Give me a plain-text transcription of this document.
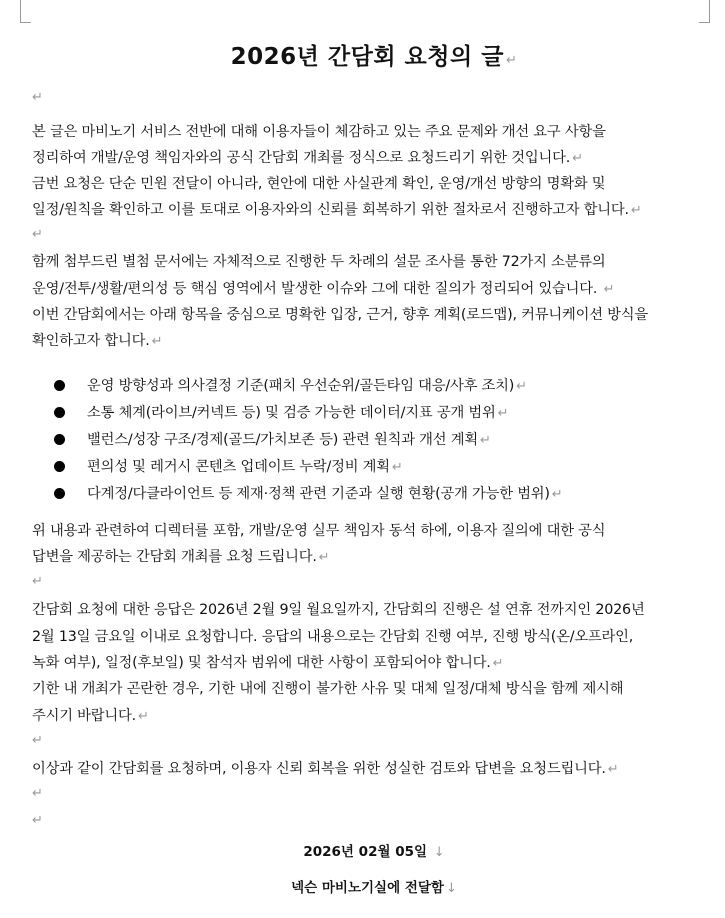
2026년 간담회 요청의 글 ↵
↵
본 글은 마비노기 서비스 전반에 대해 이용자들이 체감하고 있는 주요 문제와 개선 요구 사항을
정리하여 개발/운영 책임자와의 공식 간담회 개최를 정식으로 요청드리기 위한 것입니다. ↵
금번 요청은 단순 민원 전달이 아니라, 현안에 대한 사실관계 확인, 운영/개선 방향의 명확화 및
일정/원칙을 확인하고 이를 토대로 이용자와의 신뢰를 회복하기 위한 절차로서 진행하고자 합니다. ↵
↵
함께 첨부드린 별첨 문서에는 자체적으로 진행한 두 차례의 설문 조사를 통한 72가지 소분류의
운영/전투/생활/편의성 등 핵심 영역에서 발생한 이슈와 그에 대한 질의가 정리되어 있습니다. ↵
이번 간담회에서는 아래 항목을 중심으로 명확한 입장, 근거, 향후 계획(로드맵), 커뮤니케이션 방식을
확인하고자 합니다. ↵
운영 방향성과 의사결정 기준(패치 우선순위/골든타임 대응/사후 조치) ↵
소통 체계(라이브/커넥트 등) 및 검증 가능한 데이터/지표 공개 범위 ↵
밸런스/성장 구조/경제(골드/가치보존 등) 관련 원칙과 개선 계획 ↵
편의성 및 레거시 콘텐츠 업데이트 누락/정비 계획 ↵
다계정/다클라이언트 등 제재·정책 관련 기준과 실행 현황(공개 가능한 범위) ↵
위 내용과 관련하여 디렉터를 포함, 개발/운영 실무 책임자 동석 하에, 이용자 질의에 대한 공식
답변을 제공하는 간담회 개최를 요청 드립니다. ↵
↵
간담회 요청에 대한 응답은 2026년 2월 9일 월요일까지, 간담회의 진행은 설 연휴 전까지인 2026년
2월 13일 금요일 이내로 요청합니다. 응답의 내용으로는 간담회 진행 여부, 진행 방식(온/오프라인,
녹화 여부), 일정(후보일) 및 참석자 범위에 대한 사항이 포함되어야 합니다. ↵
기한 내 개최가 곤란한 경우, 기한 내에 진행이 불가한 사유 및 대체 일정/대체 방식을 함께 제시해
주시기 바랍니다. ↵
↵
이상과 같이 간담회를 요청하며, 이용자 신뢰 회복을 위한 성실한 검토와 답변을 요청드립니다. ↵
↵
↵
2026년 02월 05일 ↓
넥슨 마비노기실에 전달함 ↓
